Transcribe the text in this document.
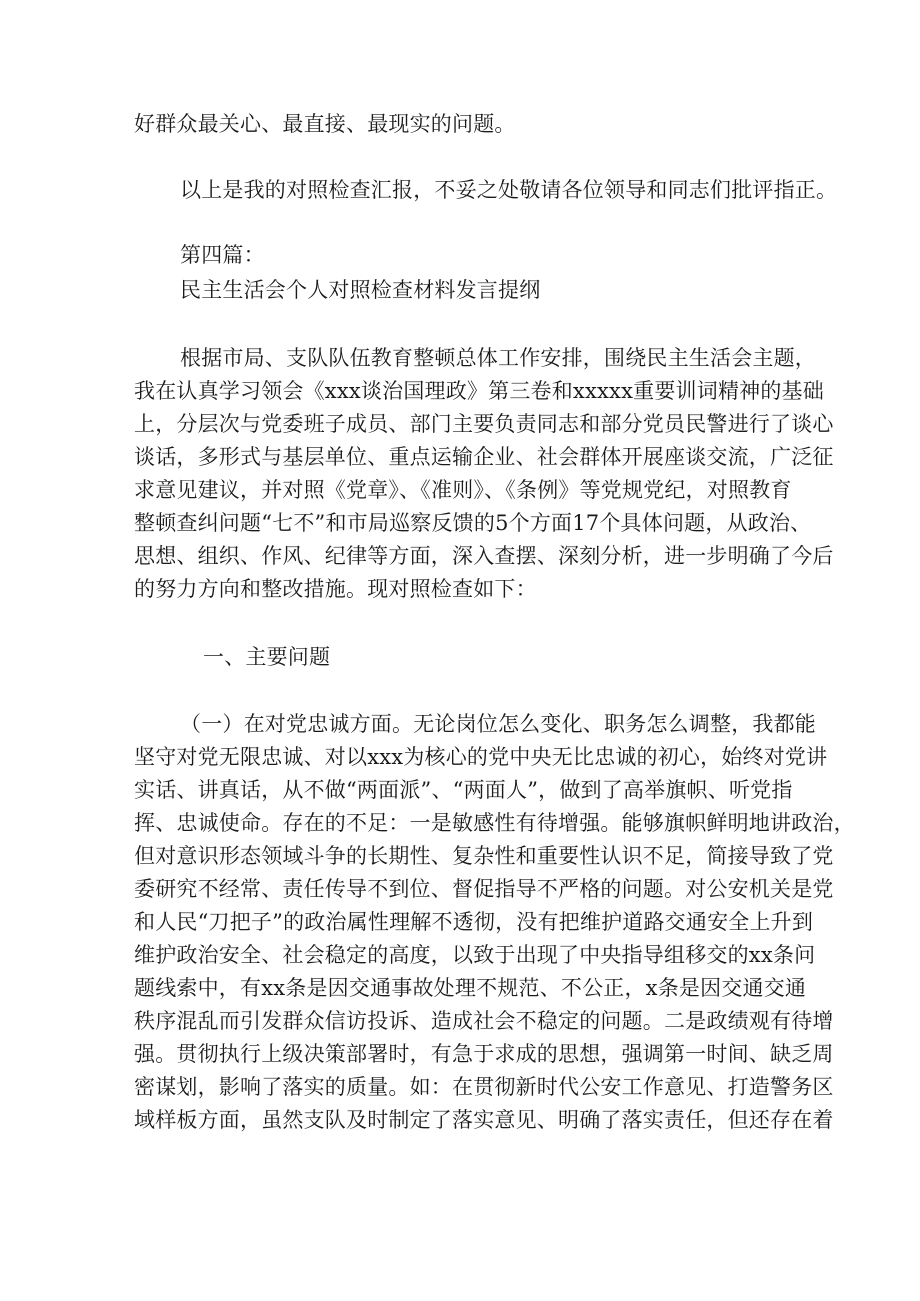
好群众最关心、最直接、最现实的问题。
以上是我的对照检查汇报，不妥之处敬请各位领导和同志们批评指正。
第四篇：
民主生活会个人对照检查材料发言提纲
根据市局、支队队伍教育整顿总体工作安排，围绕民主生活会主题，
我在认真学习领会《xxx谈治国理政》第三卷和xxxxx重要训词精神的基础
上，分层次与党委班子成员、部门主要负责同志和部分党员民警进行了谈心
谈话，多形式与基层单位、重点运输企业、社会群体开展座谈交流，广泛征
求意见建议，并对照《党章》、《准则》、《条例》等党规党纪，对照教育
整顿查纠问题“七不”和市局巡察反馈的5个方面17个具体问题，从政治、
思想、组织、作风、纪律等方面，深入查摆、深刻分析，进一步明确了今后
的努力方向和整改措施。现对照检查如下：
一、主要问题
（一）在对党忠诚方面。无论岗位怎么变化、职务怎么调整，我都能
坚守对党无限忠诚、对以xxx为核心的党中央无比忠诚的初心，始终对党讲
实话、讲真话，从不做“两面派”、“两面人”，做到了高举旗帜、听党指
挥、忠诚使命。存在的不足：一是敏感性有待增强。能够旗帜鲜明地讲政治，
但对意识形态领域斗争的长期性、复杂性和重要性认识不足，简接导致了党
委研究不经常、责任传导不到位、督促指导不严格的问题。对公安机关是党
和人民“刀把子”的政治属性理解不透彻，没有把维护道路交通安全上升到
维护政治安全、社会稳定的高度，以致于出现了中央指导组移交的xx条问
题线索中，有xx条是因交通事故处理不规范、不公正，x条是因交通交通
秩序混乱而引发群众信访投诉、造成社会不稳定的问题。二是政绩观有待增
强。贯彻执行上级决策部署时，有急于求成的思想，强调第一时间、缺乏周
密谋划，影响了落实的质量。如：在贯彻新时代公安工作意见、打造警务区
域样板方面，虽然支队及时制定了落实意见、明确了落实责任，但还存在着
